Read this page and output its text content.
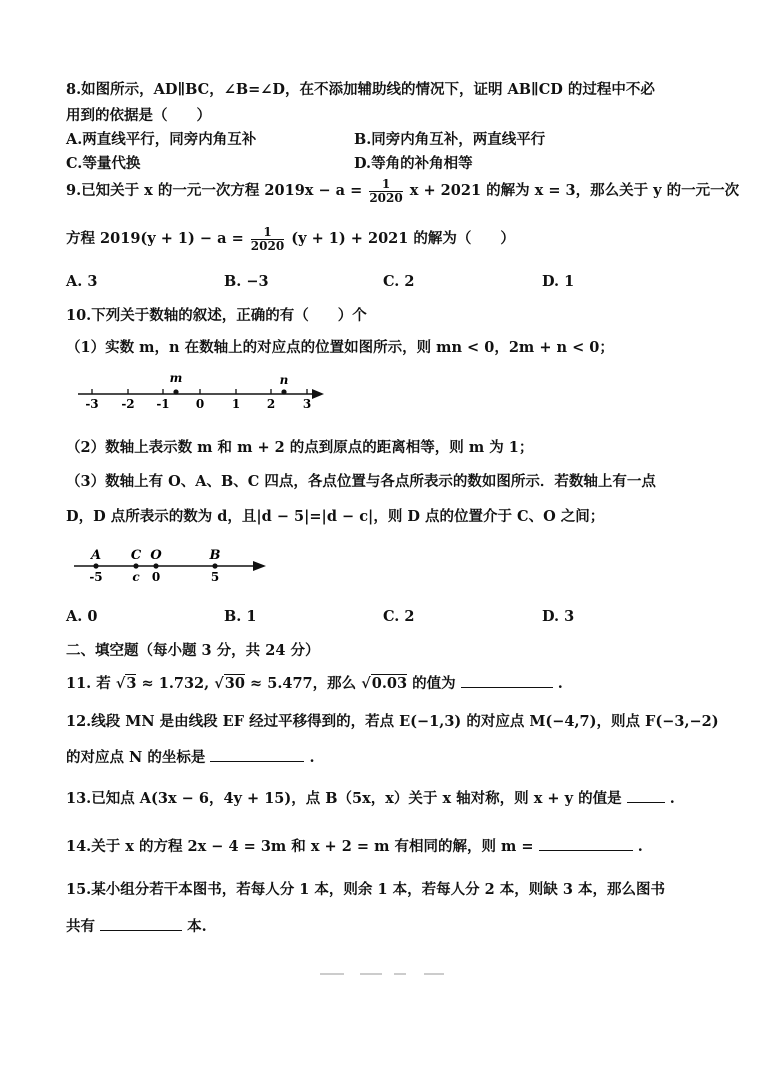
8.如图所示，AD∥BC，∠B=∠D，在不添加辅助线的情况下，证明 AB∥CD 的过程中不必
用到的依据是（　　）
A.两直线平行，同旁内角互补	B.同旁内角互补，两直线平行
C.等量代换	D.等角的补角相等
9.已知关于 x 的一元一次方程 $2019x - a = \frac{1}{2020}$ x + 2021 的解为 x = 3，那么关于 y 的一元一次
方程 $2019(y + 1) - a = \frac{1}{2020} (y + 1) + 2021$ 的解为（　　）
A. 3	B. −3	C. 2	D. 1
10.下列关于数轴的叙述，正确的有（　　）个
（1）实数 m，n 在数轴上的对应点的位置如图所示，则 mn < 0，2m + n < 0；
-3 -2 -1 0 1 2 3
m	n
（2）数轴上表示数 m 和 m + 2 的点到原点的距离相等，则 m 为 1；
（3）数轴上有 O、A、B、C 四点，各点位置与各点所表示的数如图所示．若数轴上有一点
D，D 点所表示的数为 d，且|d − 5|=|d − c|，则 D 点的位置介于 C、O 之间；
A C O	B
-5 c 0	5
A. 0	B. 1	C. 2	D. 3
二、填空题（每小题 3 分，共 24 分）
11. 若 √3 ≈ 1.732, √30 ≈ 5.477，那么 √0.03 的值为	.
12.线段 MN 是由线段 EF 经过平移得到的，若点 E(−1,3) 的对应点 M(−4,7)，则点 F(−3,−2)
的对应点 N 的坐标是	.
13.已知点 A(3x − 6，4y + 15)，点 B（5x，x）关于 x 轴对称，则 x + y 的值是	.
14.关于 x 的方程 2x − 4 = 3m 和 x + 2 = m 有相同的解，则 m =	.
15.某小组分若干本图书，若每人分 1 本，则余 1 本，若每人分 2 本，则缺 3 本，那么图书
共有	本.
